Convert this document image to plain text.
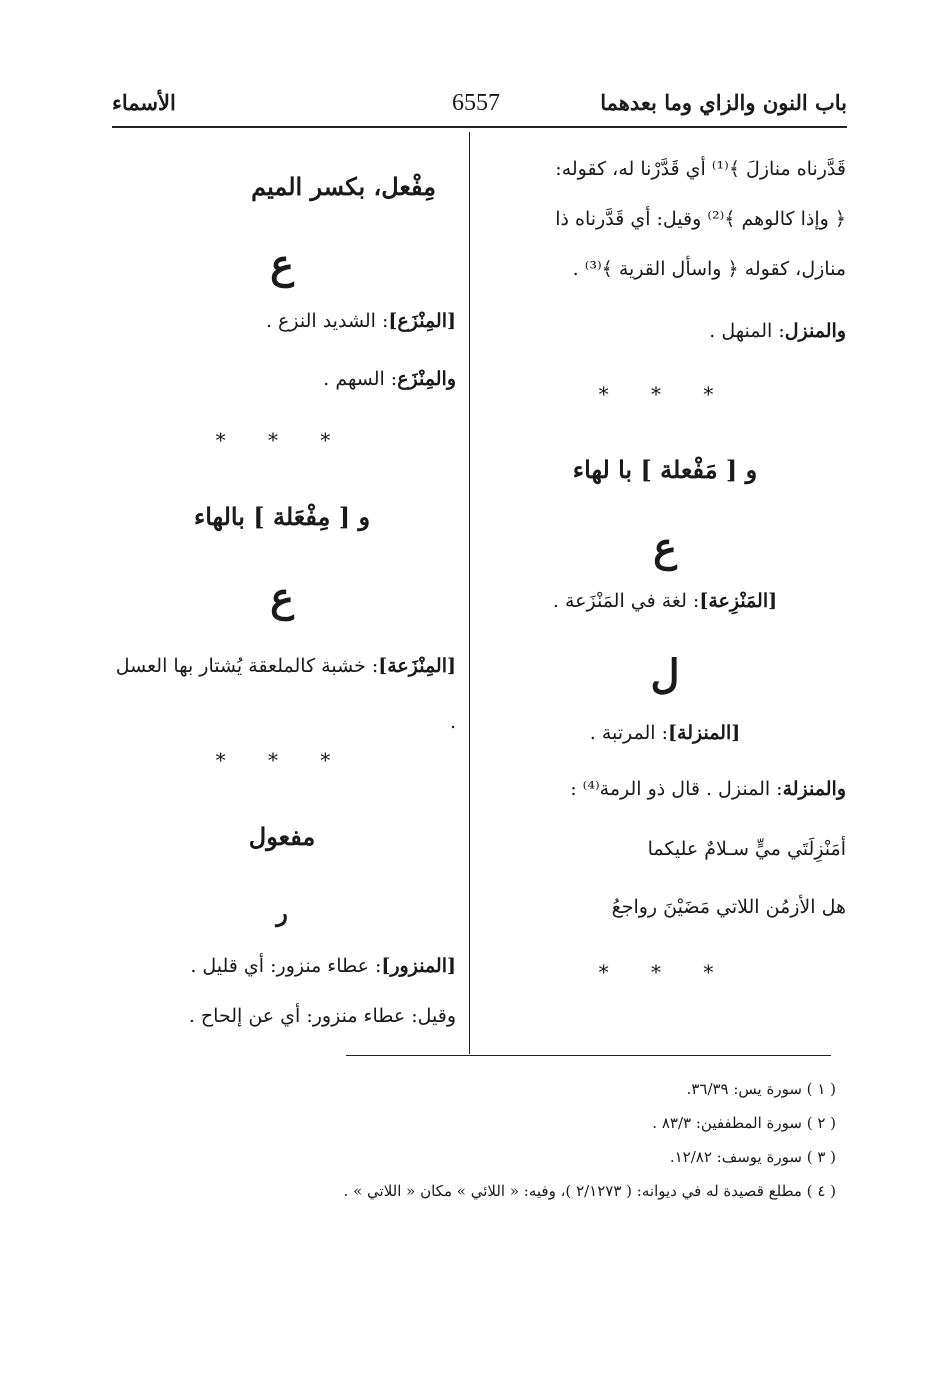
باب النون والزاي وما بعدهما
6557
الأسماء

قَدَّرناه منازلَ ﴾⁽¹⁾ أي قَدَّرْنا له، كقوله:

﴿ وإذا كالوهم ﴾⁽²⁾ وقيل: أي قَدَّرناه ذا

منازل، كقوله ﴿ واسأل القرية ﴾⁽³⁾ .

والمنزل: المنهل .

* * *
و [ مَفْعلة ] با لهاء
ع

[المَنْزِعة]: لغة في المَنْزَعة .

ل

[المنزلة]: المرتبة .

والمنزلة: المنزل . قال ذو الرمة⁽⁴⁾ :

أمَنْزِلَتَي ميٍّ سـلامٌ عليكما

هل الأزمُن اللاتي مَضَيْنَ رواجعُ

* * *
مِفْعل، بكسر الميم
ع

[المِنْزَع]: الشديد النزع .

والمِنْزَع: السهم .

* * *
و [ مِفْعَلة ] بالهاء
ع

[المِنْزَعة]: خشبة كالملعقة يُشتار بها العسل .

* * *
مفعول
ر

[المنزور]: عطاء منزور: أي قليل .

وقيل: عطاء منزور: أي عن إلحاح .

( ١ ) سورة يس: ٣٦/٣٩.
( ٢ ) سورة المطففين: ٨٣/٣ .
( ٣ ) سورة يوسف: ١٢/٨٢.
( ٤ ) مطلع قصيدة له في ديوانه: ( ٢/١٢٧٣ )، وفيه: « اللائي » مكان « اللاتي » .
